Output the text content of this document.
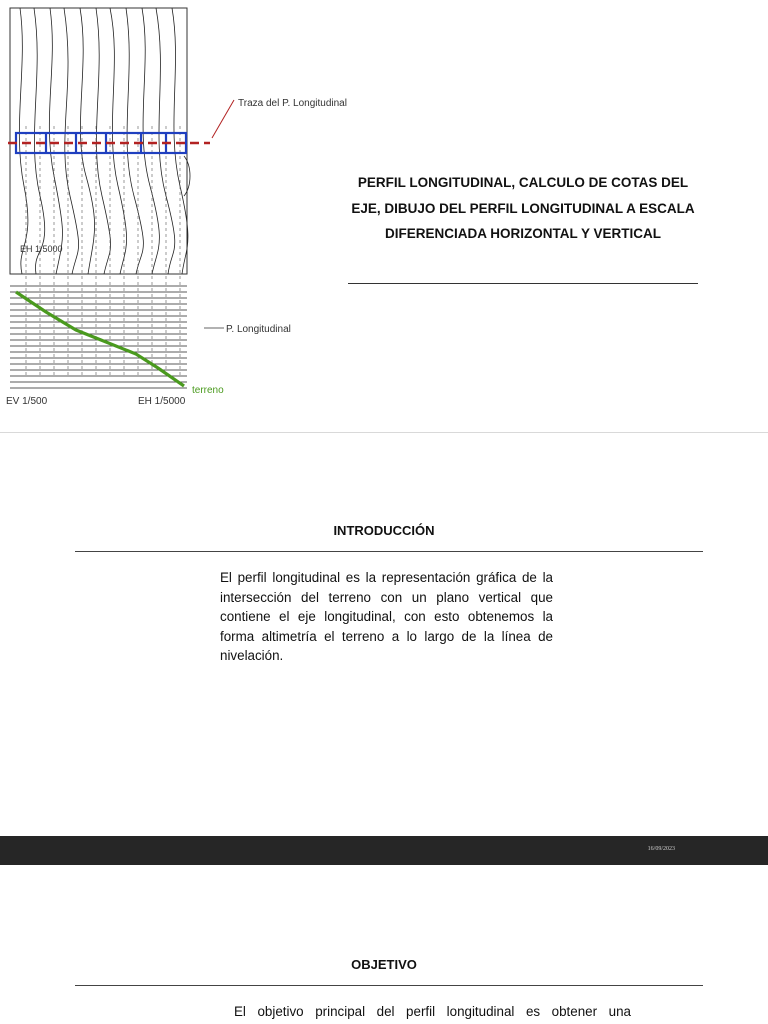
Traza del P. Longitudinal
EH 1/5000
P. Longitudinal
terreno
EV 1/500	EH 1/5000
PERFIL LONGITUDINAL, CALCULO DE COTAS DEL EJE, DIBUJO DEL PERFIL LONGITUDINAL A ESCALA DIFERENCIADA HORIZONTAL Y VERTICAL
INTRODUCCIÓN
El perfil longitudinal es la representación gráfica de la intersección del terreno con un plano vertical que contiene el eje longitudinal, con esto obtenemos la forma altimetría el terreno a lo largo de la línea de nivelación.
16/09/2023
OBJETIVO
El objetivo principal del perfil longitudinal es obtener una
